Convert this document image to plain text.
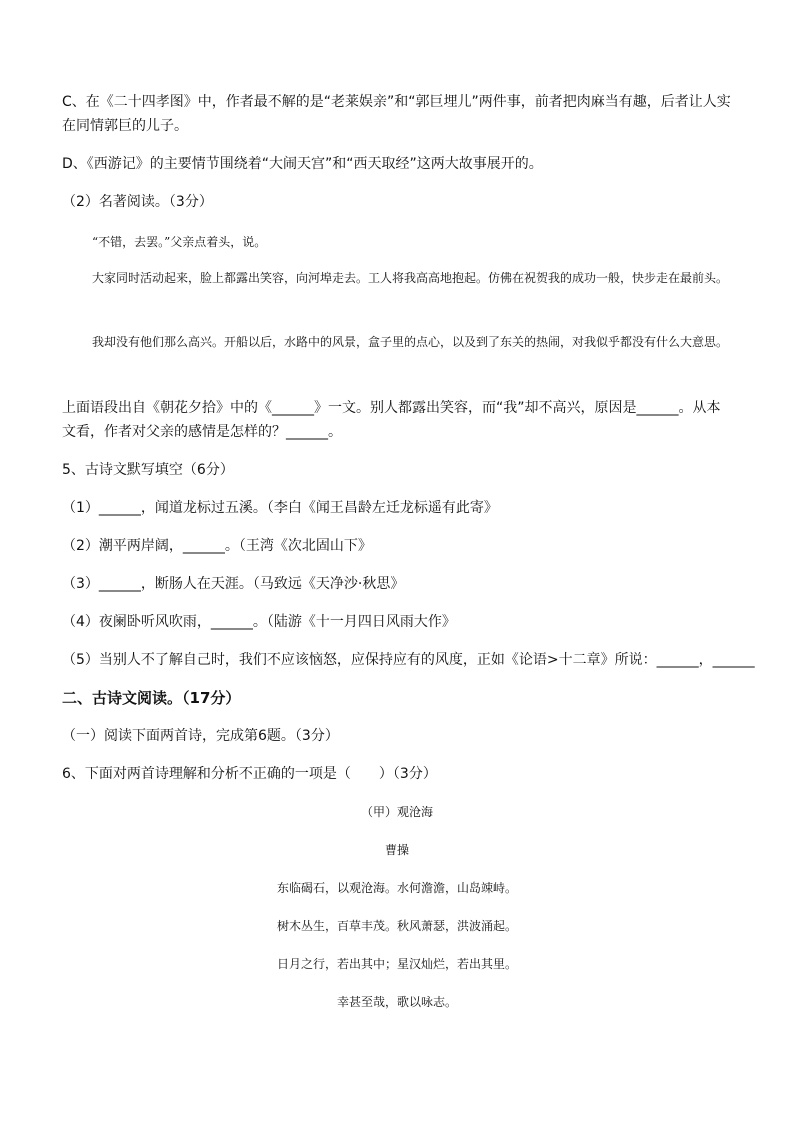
C、在《二十四孝图》中，作者最不解的是“老莱娱亲”和“郭巨埋儿”两件事，前者把肉麻当有趣，后者让人实在同情郭巨的儿子。
D、《西游记》的主要情节围绕着“大闹天宫”和“西天取经”这两大故事展开的。
（2）名著阅读。（3分）
“不错，去罢。”父亲点着头，说。
大家同时活动起来，脸上都露出笑容，向河埠走去。工人将我高高地抱起。仿佛在祝贺我的成功一般，快步走在最前头。
我却没有他们那么高兴。开船以后，水路中的风景，盒子里的点心，以及到了东关的热闹，对我似乎都没有什么大意思。
上面语段出自《朝花夕拾》中的《______》一文。别人都露出笑容，而“我”却不高兴，原因是______。从本文看，作者对父亲的感情是怎样的？______。
5、古诗文默写填空（6分）
（1）______，闻道龙标过五溪。（李白《闻王昌龄左迁龙标遥有此寄》
（2）潮平两岸阔，______。（王湾《次北固山下》
（3）______，断肠人在天涯。（马致远《天净沙·秋思》
（4）夜阑卧听风吹雨，______。（陆游《十一月四日风雨大作》
（5）当别人不了解自己时，我们不应该恼怒，应保持应有的风度，正如《论语>十二章》所说：______，______
二、古诗文阅读。（17分）
（一）阅读下面两首诗，完成第6题。（3分）
6、下面对两首诗理解和分析不正确的一项是（　　）（3分）
（甲）观沧海
曹操
东临碣石，以观沧海。水何澹澹，山岛竦峙。
树木丛生，百草丰茂。秋风萧瑟，洪波涌起。
日月之行，若出其中；星汉灿烂，若出其里。
幸甚至哉，歌以咏志。
